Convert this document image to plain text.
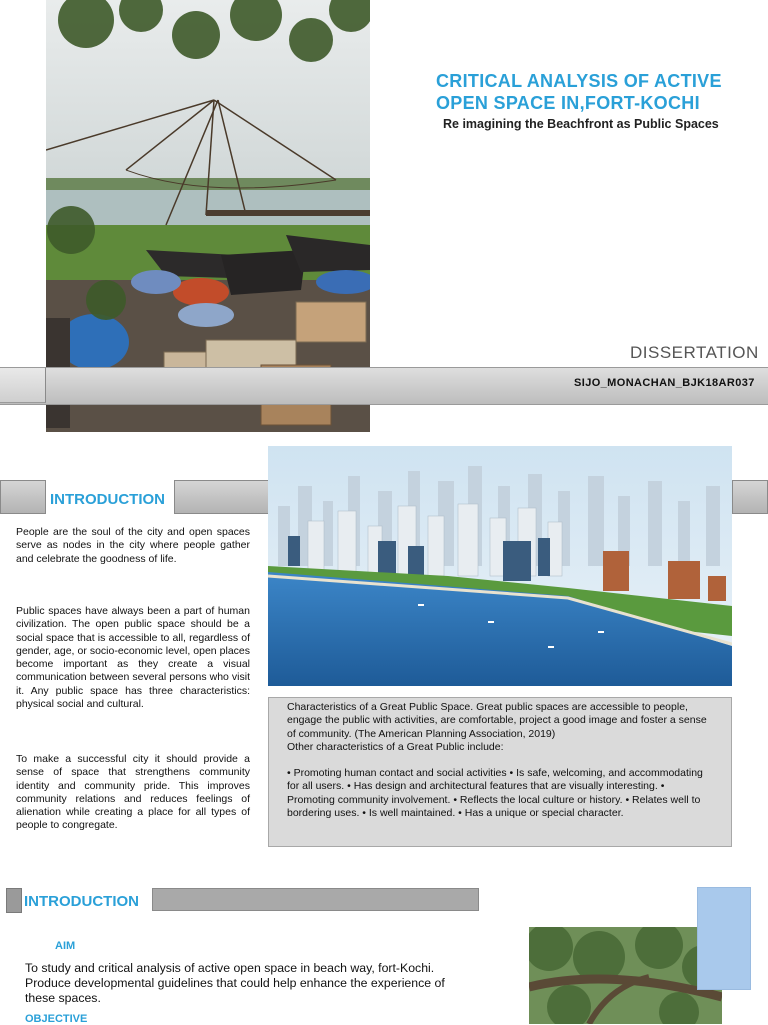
CRITICAL ANALYSIS OF ACTIVE
OPEN SPACE IN,FORT-KOCHI
Re imagining the Beachfront as Public Spaces
DISSERTATION
SIJO_MONACHAN_BJK18AR037
INTRODUCTION
People are the soul of the city and open spaces serve as nodes in the city where people gather and celebrate the goodness of life.
Public spaces have always been a part of human civilization. The open public space should be a social space that is accessible to all, regardless of gender, age, or socio-economic level, open places become important as they create a visual communication between several persons who visit it. Any public space has three characteristics: physical social and cultural.
To make a successful city it should provide a sense of space that strengthens community identity and community pride. This improves community relations and reduces feelings of alienation while creating a place for all types of people to congregate.

Characteristics of a Great Public Space. Great public spaces are accessible to people, engage the public with activities, are comfortable, project a good image and foster a sense of community. (The American Planning Association, 2019)

Other characteristics of a Great Public include:

• Promoting human contact and social activities • Is safe, welcoming, and accommodating for all users. • Has design and architectural features that are visually interesting. • Promoting community involvement. • Reflects the local culture or history. • Relates well to bordering uses. • Is well maintained. • Has a unique or special character.

INTRODUCTION
AIM
To study and critical analysis of active open space in beach way, fort-Kochi. Produce developmental guidelines that could help enhance the experience of these spaces.
OBJECTIVE
